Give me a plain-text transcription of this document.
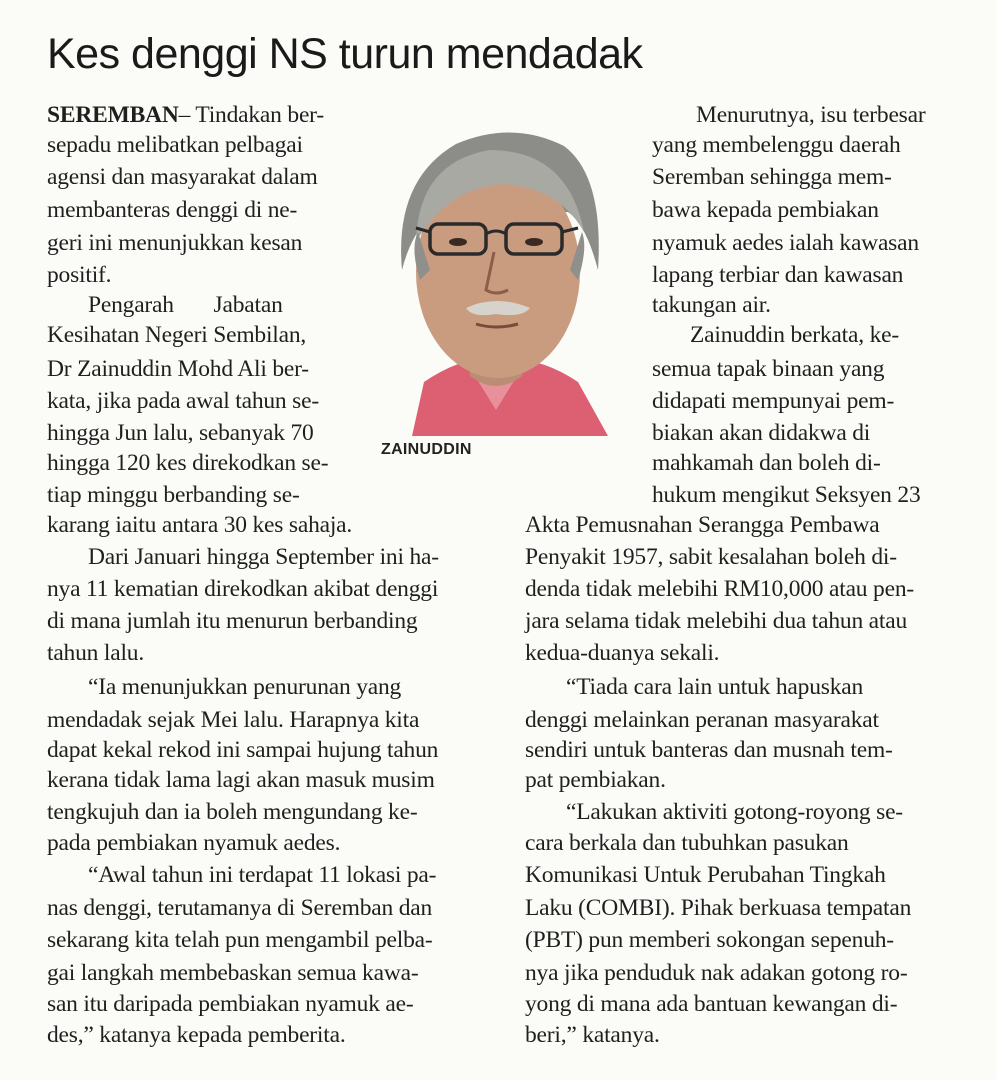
Kes denggi NS turun mendadak
ZAINUDDIN
SEREMBAN– Tindakan ber-
sepadu melibatkan pelbagai
agensi dan masyarakat dalam
membanteras denggi di ne-
geri ini menunjukkan kesan
positif.
Pengarah       Jabatan
Kesihatan Negeri Sembilan,
Dr Zainuddin Mohd Ali ber-
kata, jika pada awal tahun se-
hingga Jun lalu, sebanyak 70
hingga 120 kes direkodkan se-
tiap minggu berbanding se-
karang iaitu antara 30 kes sahaja.
Dari Januari hingga September ini ha-
nya 11 kematian direkodkan akibat denggi
di mana jumlah itu menurun berbanding
tahun lalu.
“Ia menunjukkan penurunan yang
mendadak sejak Mei lalu. Harapnya kita
dapat kekal rekod ini sampai hujung tahun
kerana tidak lama lagi akan masuk musim
tengkujuh dan ia boleh mengundang ke-
pada pembiakan nyamuk aedes.
“Awal tahun ini terdapat 11 lokasi pa-
nas denggi, terutamanya di Seremban dan
sekarang kita telah pun mengambil pelba-
gai langkah membebaskan semua kawa-
san itu daripada pembiakan nyamuk ae-
des,” katanya kepada pemberita.
Menurutnya, isu terbesar
yang membelenggu daerah
Seremban sehingga mem-
bawa kepada pembiakan
nyamuk aedes ialah kawasan
lapang terbiar dan kawasan
takungan air.
Zainuddin berkata, ke-
semua tapak binaan yang
didapati mempunyai pem-
biakan akan didakwa di
mahkamah dan boleh di-
hukum mengikut Seksyen 23
Akta Pemusnahan Serangga Pembawa
Penyakit 1957, sabit kesalahan boleh di-
denda tidak melebihi RM10,000 atau pen-
jara selama tidak melebihi dua tahun atau
kedua-duanya sekali.
“Tiada cara lain untuk hapuskan
denggi melainkan peranan masyarakat
sendiri untuk banteras dan musnah tem-
pat pembiakan.
“Lakukan aktiviti gotong-royong se-
cara berkala dan tubuhkan pasukan
Komunikasi Untuk Perubahan Tingkah
Laku (COMBI). Pihak berkuasa tempatan
(PBT) pun memberi sokongan sepenuh-
nya jika penduduk nak adakan gotong ro-
yong di mana ada bantuan kewangan di-
beri,” katanya.
